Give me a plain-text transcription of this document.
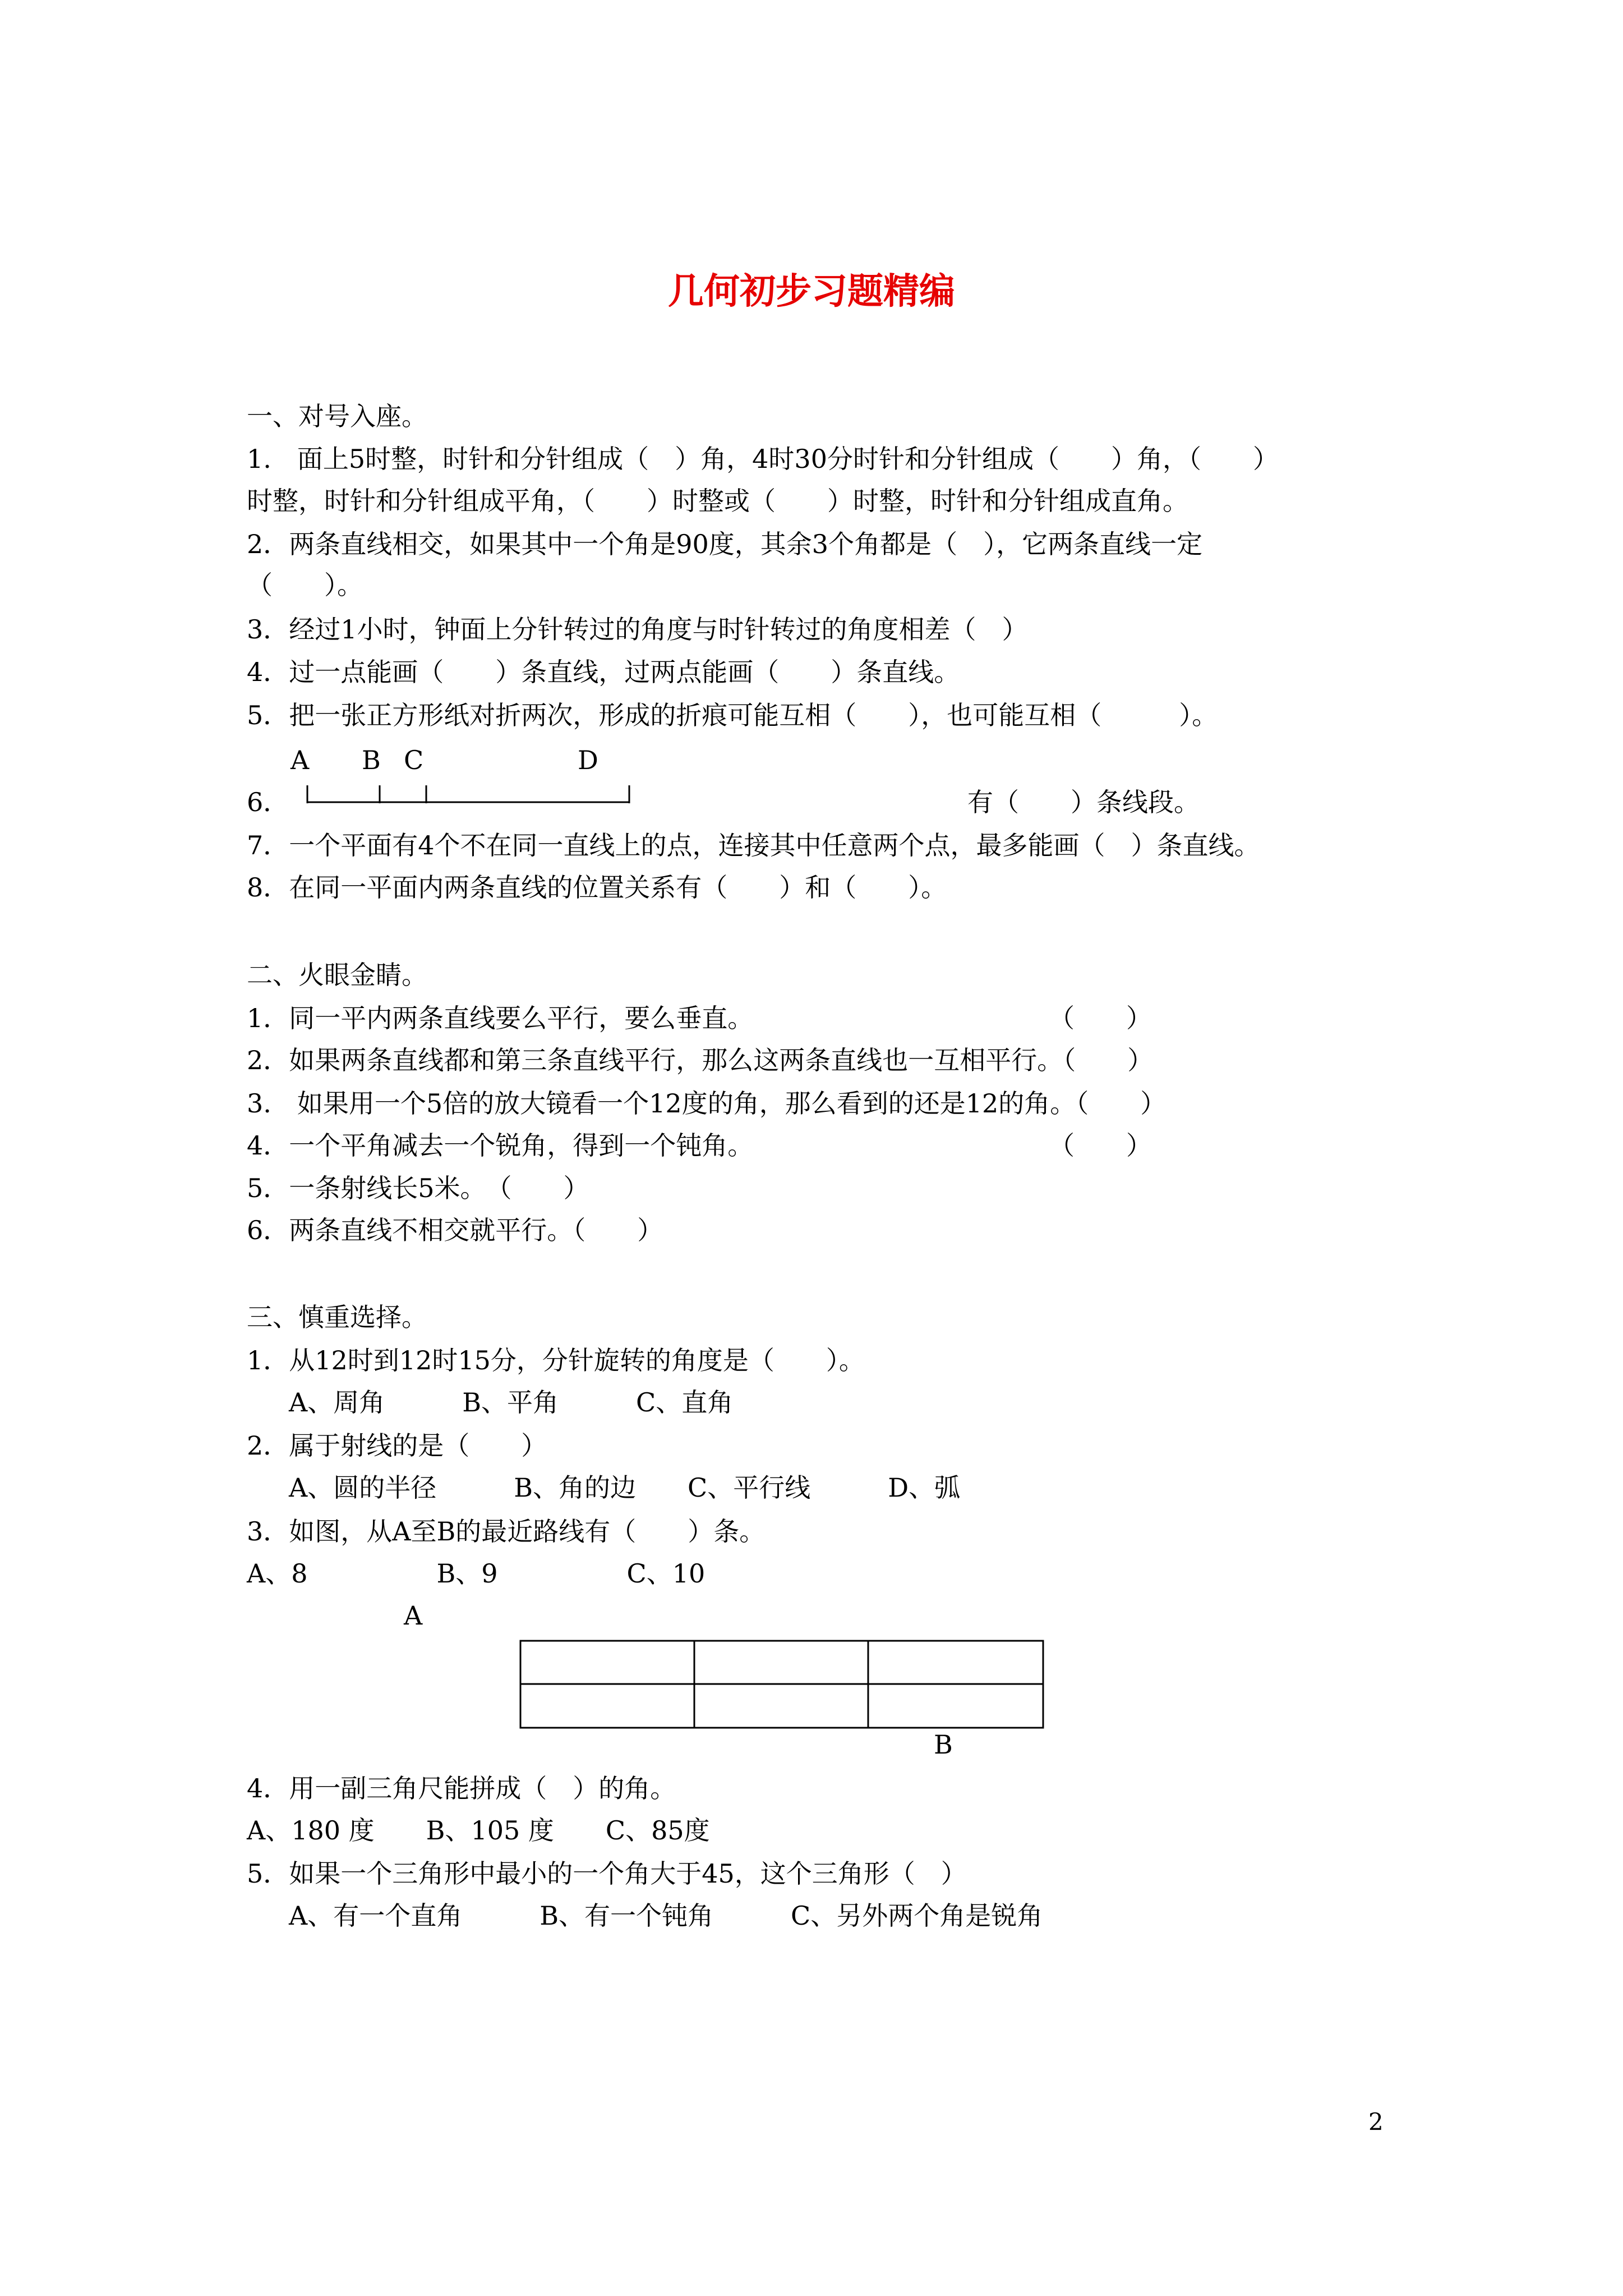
几何初步习题精编
一、对号入座。
1.　面上5时整，时针和分针组成（　）角，4时30分时针和分针组成（　　）角，（　　）
时整，时针和分针组成平角，（　　）时整或（　　）时整，时针和分针组成直角。
2．两条直线相交，如果其中一个角是90度，其余3个角都是（　），它两条直线一定
（　　）。
3．经过1小时，钟面上分针转过的角度与时针转过的角度相差（　）
4．过一点能画（　　）条直线，过两点能画（　　）条直线。
5．把一张正方形纸对折两次，形成的折痕可能互相（　　），也可能互相（　　　）。
A B C	D
6．	有（　　）条线段。
7．一个平面有4个不在同一直线上的点，连接其中任意两个点，最多能画（　）条直线。
8．在同一平面内两条直线的位置关系有（　　）和（　　）。
二、火眼金睛。
1．同一平内两条直线要么平行，要么垂直。	（　　）
2．如果两条直线都和第三条直线平行，那么这两条直线也一互相平行。（　　）
3.　如果用一个5倍的放大镜看一个12度的角，那么看到的还是12的角。（　　）
4．一个平角减去一个锐角，得到一个钝角。	（　　）
5．一条射线长5米。　（　　）
6．两条直线不相交就平行。（　　）
三、慎重选择。
1．从12时到12时15分，分针旋转的角度是（　　）。
A、周角　　　B、平角　　　C、直角
2．属于射线的是（　　）
A、圆的半径　　　B、角的边　　C、平行线　　　D、弧
3．如图，从A至B的最近路线有（　　）条。
A、8　　　　　B、9　　　　　C、10
A
B
4．用一副三角尺能拼成（　）的角。
A、180 度　　B、105 度　　C、85度
5．如果一个三角形中最小的一个角大于45，这个三角形（　）
A、有一个直角　　　B、有一个钝角　　　C、另外两个角是锐角
2
